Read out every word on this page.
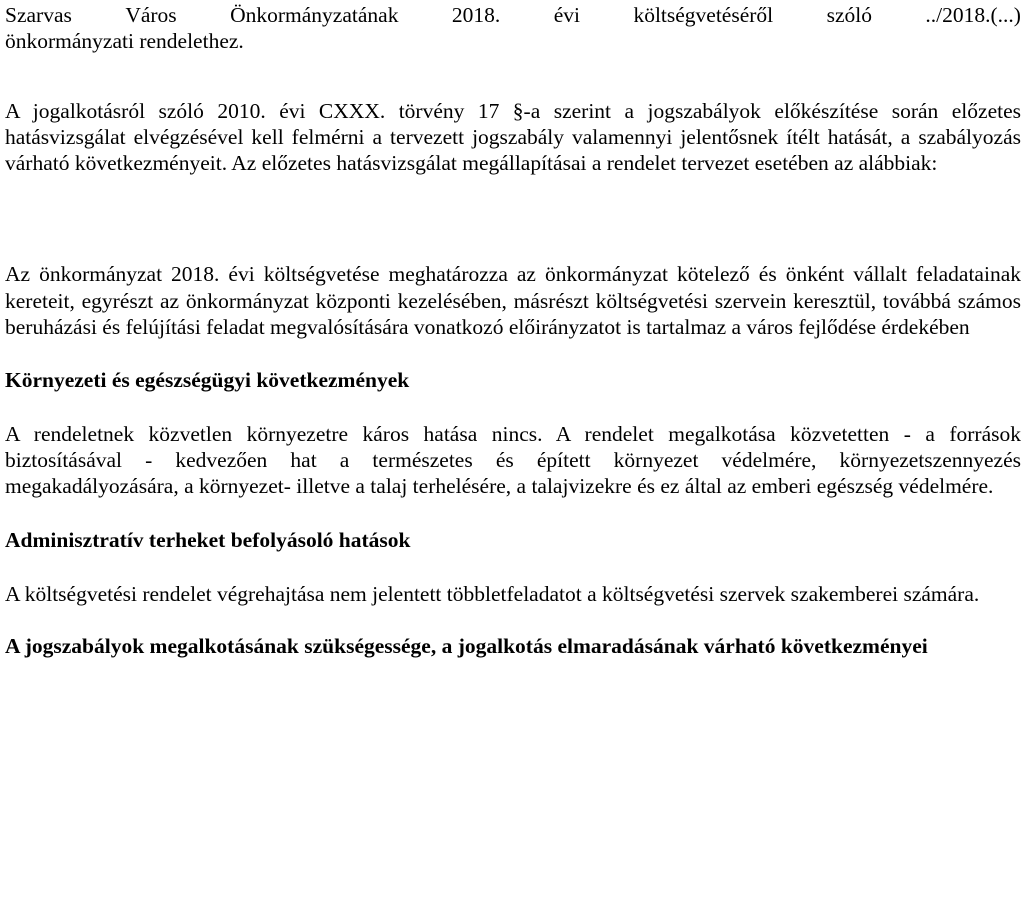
Szarvas Város Önkormányzatának 2018. évi költségvetéséről szóló ../2018.(...)
önkormányzati rendelethez.

A jogalkotásról szóló 2010. évi CXXX. törvény 17 §-a szerint a jogszabályok előkészítése során előzetes hatásvizsgálat elvégzésével kell felmérni a tervezett jogszabály valamennyi jelentősnek ítélt hatását, a szabályozás várható következményeit. Az előzetes hatásvizsgálat megállapításai a rendelet tervezet esetében az alábbiak:

Az önkormányzat 2018. évi költségvetése meghatározza az önkormányzat kötelező és önként vállalt feladatainak kereteit, egyrészt az önkormányzat központi kezelésében, másrészt költségvetési szervein keresztül, továbbá számos beruházási és felújítási feladat megvalósítására vonatkozó előirányzatot is tartalmaz a város fejlődése érdekében

Környezeti és egészségügyi következmények

A rendeletnek közvetlen környezetre káros hatása nincs. A rendelet megalkotása közvetetten - a források biztosításával - kedvezően hat a természetes és épített környezet védelmére, környezetszennyezés megakadályozására, a környezet- illetve a talaj terhelésére, a talajvizekre és ez által az emberi egészség védelmére.

Adminisztratív terheket befolyásoló hatások

A költségvetési rendelet végrehajtása nem jelentett többletfeladatot a költségvetési szervek szakemberei számára.

A jogszabályok megalkotásának szükségessége, a jogalkotás elmaradásának várható következményei
